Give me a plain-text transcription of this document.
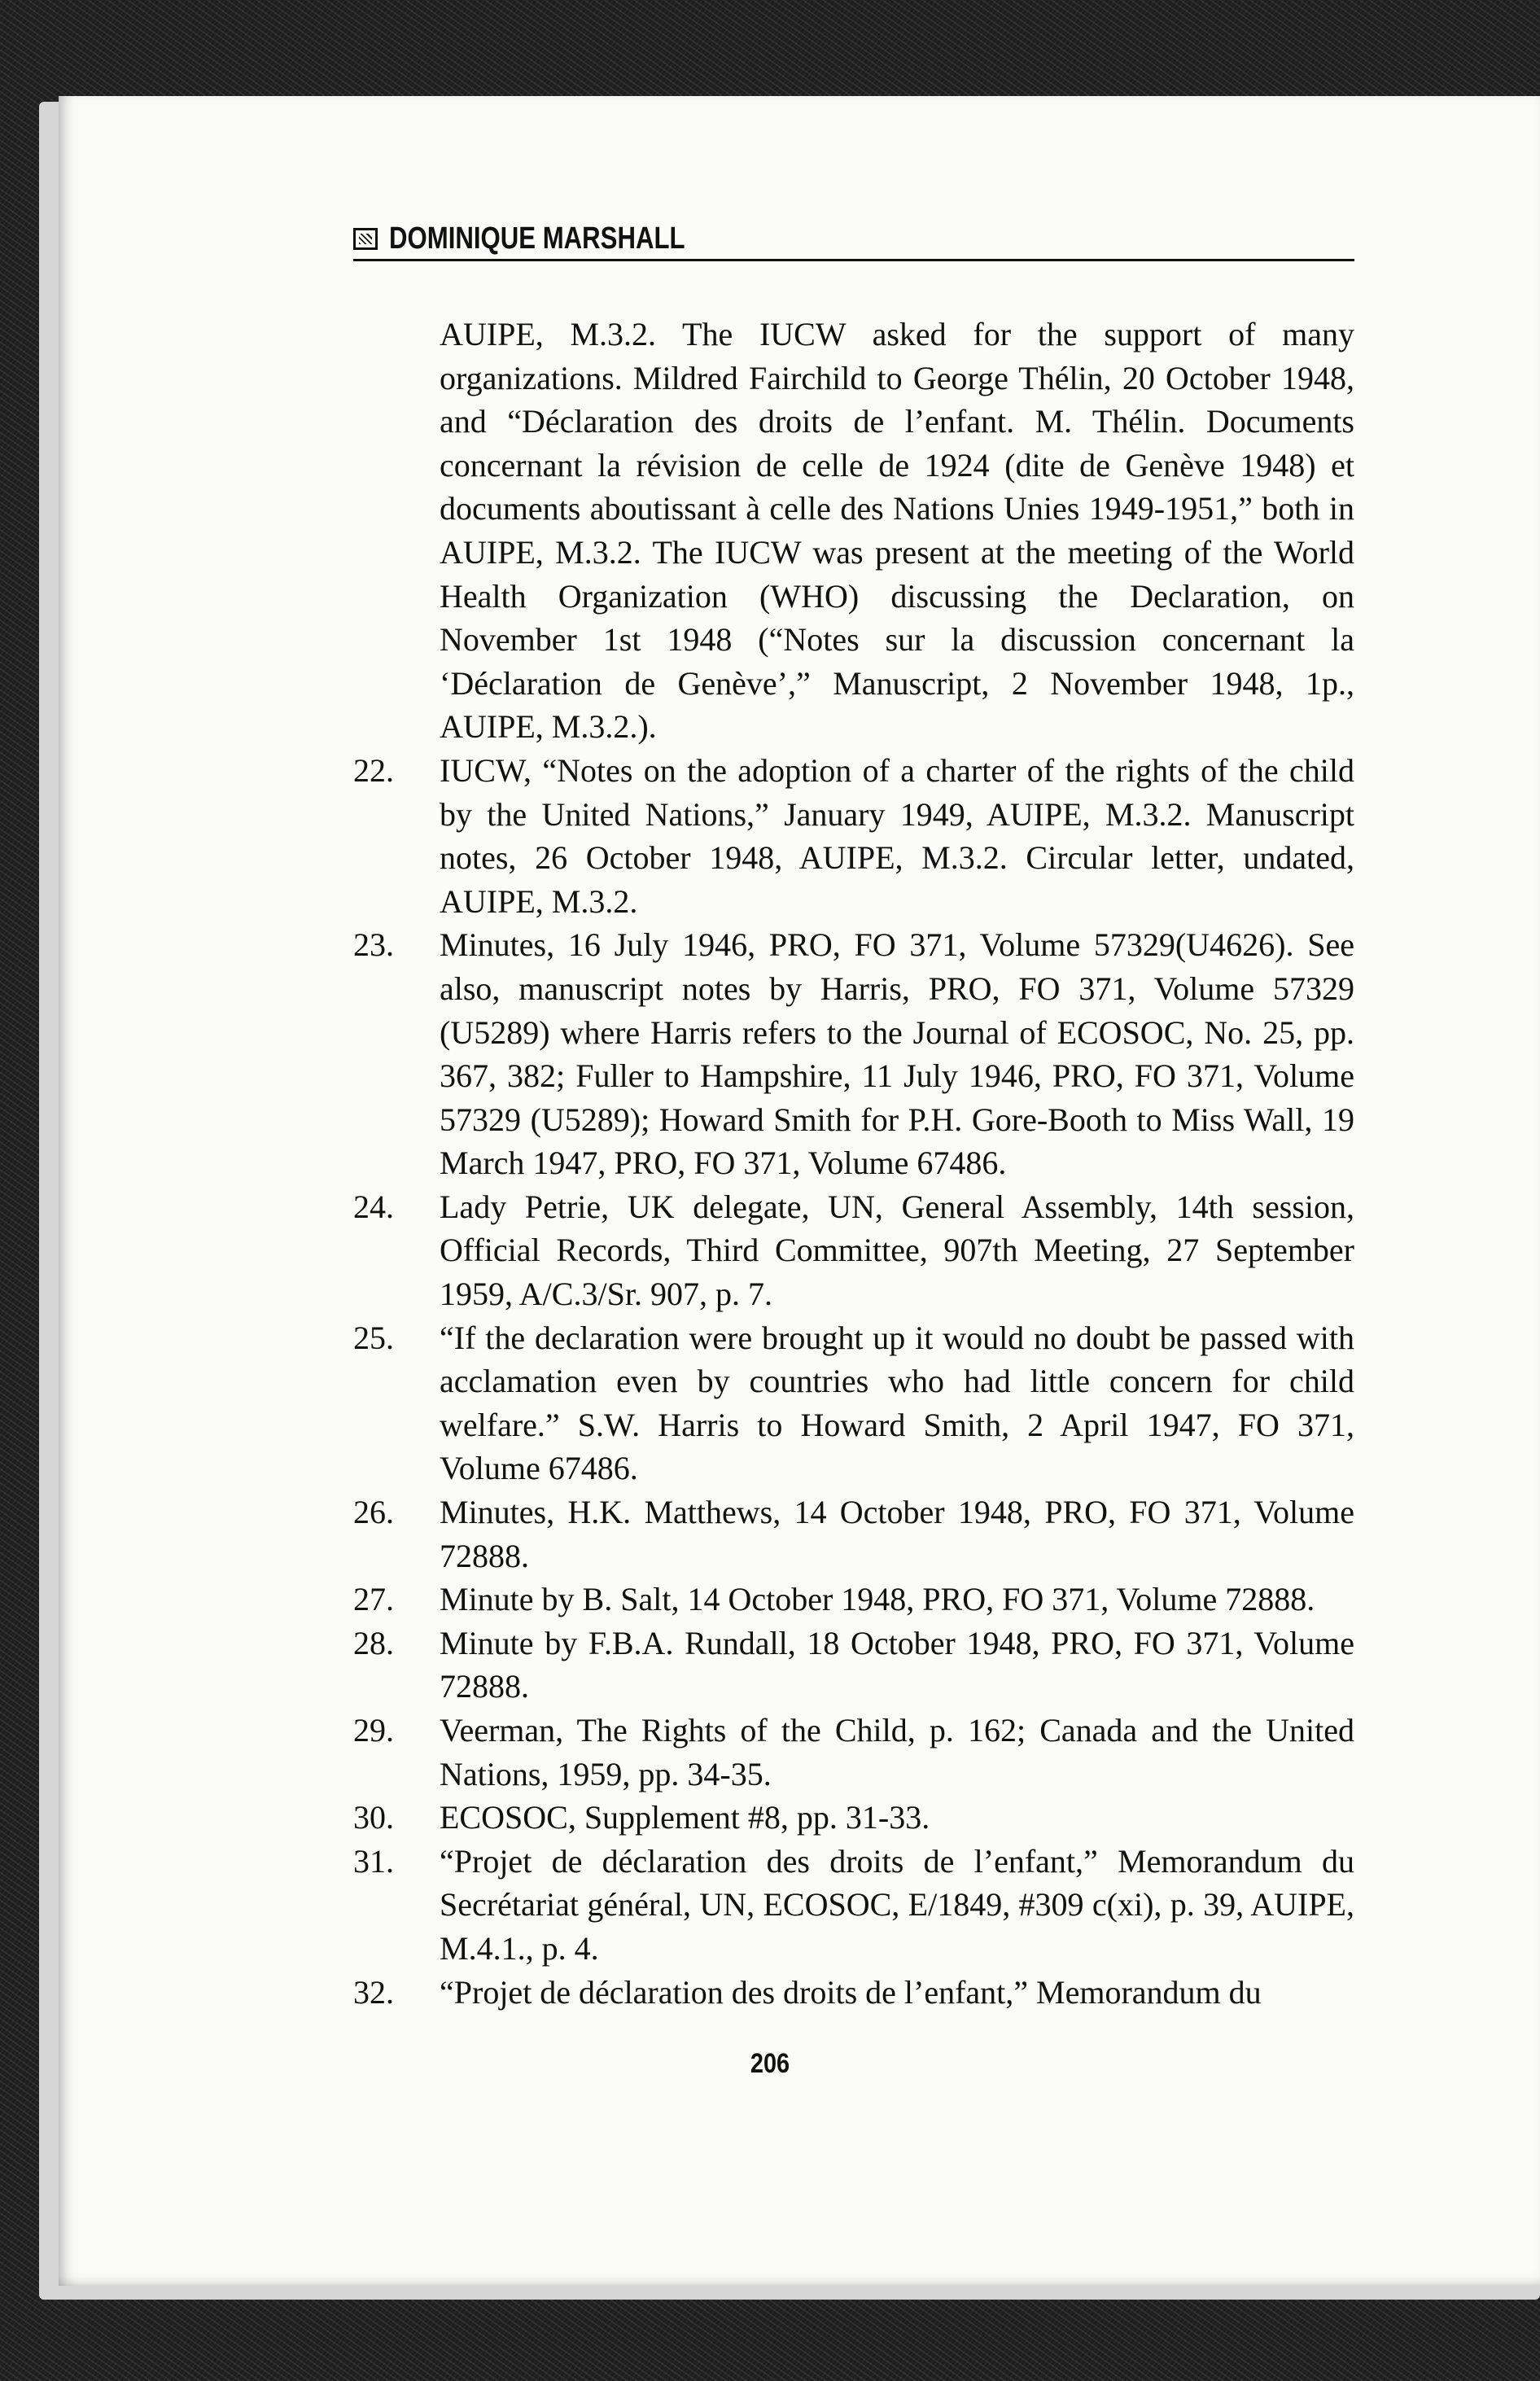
DOMINIQUE MARSHALL
AUIPE, M.3.2. The IUCW asked for the support of many organizations. Mildred Fairchild to George Thélin, 20 October 1948, and “Déclaration des droits de l’enfant. M. Thélin. Documents concernant la révision de celle de 1924 (dite de Genève 1948) et documents aboutissant à celle des Nations Unies 1949-1951,” both in AUIPE, M.3.2. The IUCW was present at the meeting of the World Health Organization (WHO) discussing the Declaration, on November 1st 1948 (“Notes sur la discussion concernant la ‘Déclaration de Genève’,” Manuscript, 2 November 1948, 1p., AUIPE, M.3.2.).
22. IUCW, “Notes on the adoption of a charter of the rights of the child by the United Nations,” January 1949, AUIPE, M.3.2. Manuscript notes, 26 October 1948, AUIPE, M.3.2. Circular letter, undated, AUIPE, M.3.2.
23. Minutes, 16 July 1946, PRO, FO 371, Volume 57329(U4626). See also, manuscript notes by Harris, PRO, FO 371, Volume 57329 (U5289) where Harris refers to the Journal of ECOSOC, No. 25, pp. 367, 382; Fuller to Hampshire, 11 July 1946, PRO, FO 371, Volume 57329 (U5289); Howard Smith for P.H. Gore-Booth to Miss Wall, 19 March 1947, PRO, FO 371, Volume 67486.
24. Lady Petrie, UK delegate, UN, General Assembly, 14th session, Official Records, Third Committee, 907th Meeting, 27 September 1959, A/C.3/Sr. 907, p. 7.
25. “If the declaration were brought up it would no doubt be passed with acclamation even by countries who had little concern for child welfare.” S.W. Harris to Howard Smith, 2 April 1947, FO 371, Volume 67486.
26. Minutes, H.K. Matthews, 14 October 1948, PRO, FO 371, Volume 72888.
27. Minute by B. Salt, 14 October 1948, PRO, FO 371, Volume 72888.
28. Minute by F.B.A. Rundall, 18 October 1948, PRO, FO 371, Volume 72888.
29. Veerman, The Rights of the Child, p. 162; Canada and the United Nations, 1959, pp. 34-35.
30. ECOSOC, Supplement #8, pp. 31-33.
31. “Projet de déclaration des droits de l’enfant,” Memorandum du Secrétariat général, UN, ECOSOC, E/1849, #309 c(xi), p. 39, AUIPE, M.4.1., p. 4.
32. “Projet de déclaration des droits de l’enfant,” Memorandum du
206
